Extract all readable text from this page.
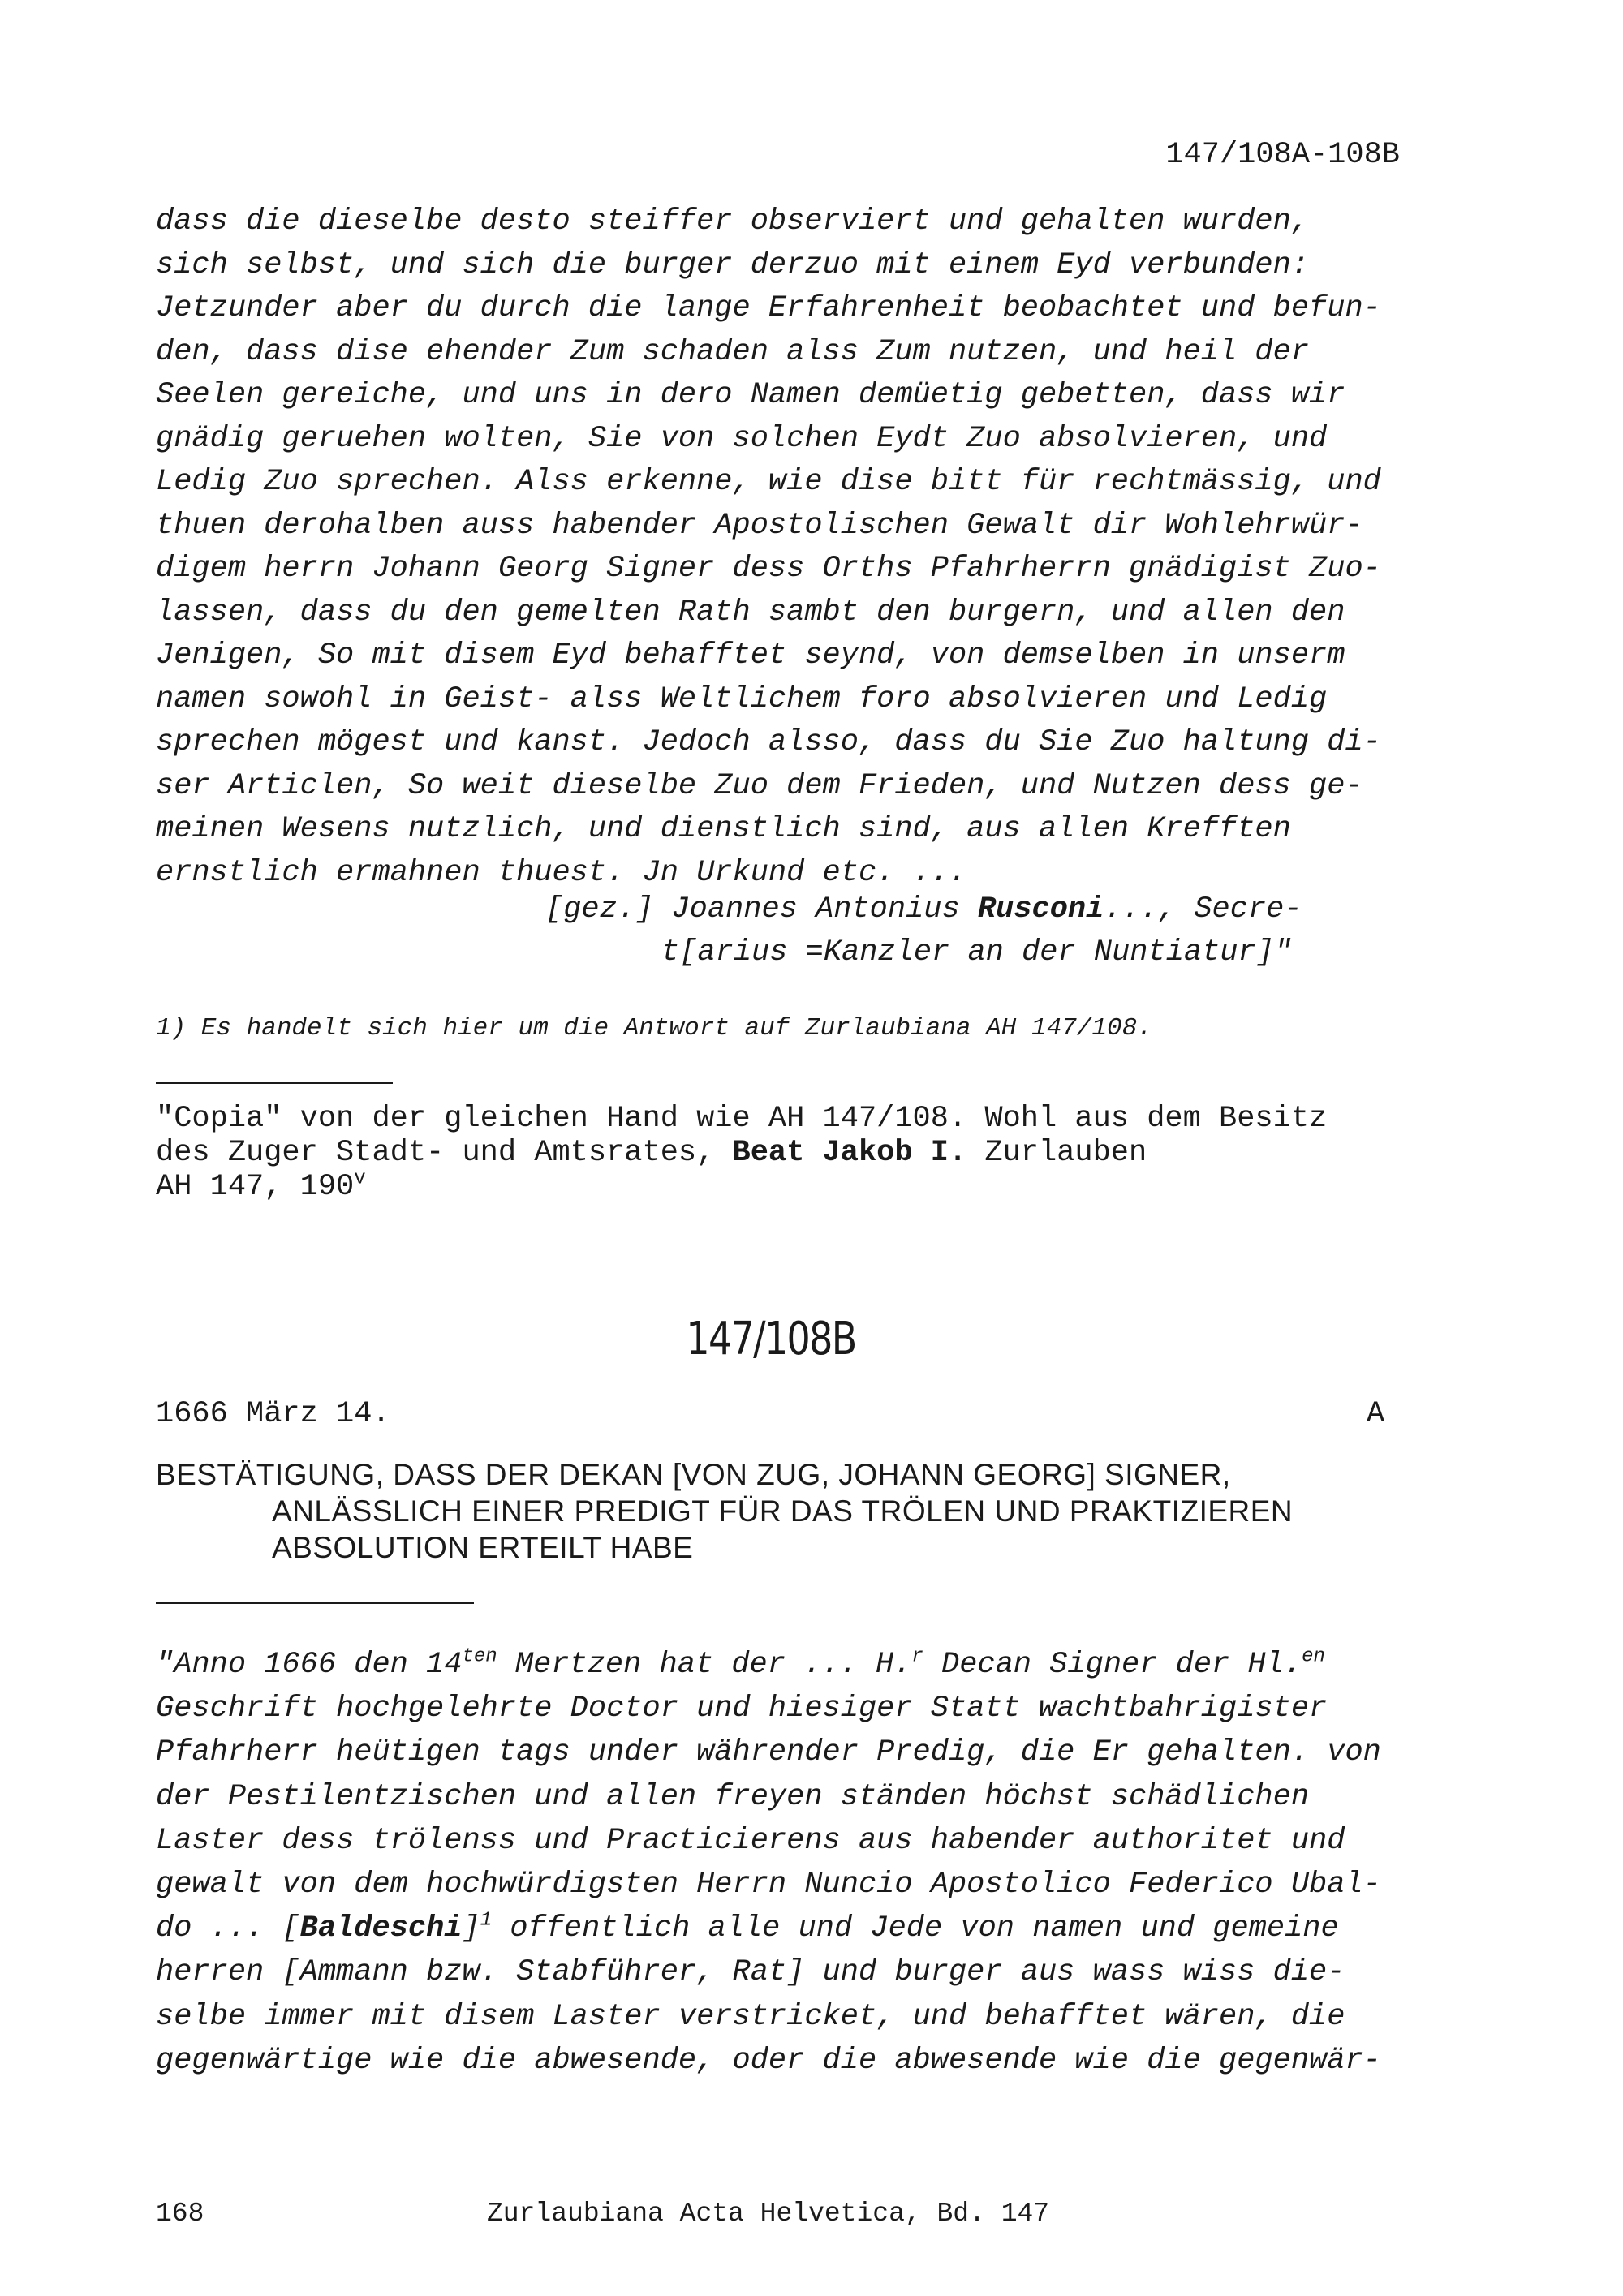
147/108A-108B
dass die dieselbe desto steiffer observiert und gehalten wurden,
sich selbst, und sich die burger derzuo mit einem Eyd verbunden:
Jetzunder aber du durch die lange Erfahrenheit beobachtet und befun-
den, dass dise ehender Zum schaden alss Zum nutzen, und heil der
Seelen gereiche, und uns in dero Namen demüetig gebetten, dass wir
gnädig geruehen wolten, Sie von solchen Eydt Zuo absolvieren, und
Ledig Zuo sprechen. Alss erkenne, wie dise bitt für rechtmässig, und
thuen derohalben auss habender Apostolischen Gewalt dir Wohlehrwür-
digem herrn Johann Georg Signer dess Orths Pfahrherrn gnädigist Zuo-
lassen, dass du den gemelten Rath sambt den burgern, und allen den
Jenigen, So mit disem Eyd behafftet seynd, von demselben in unserm
namen sowohl in Geist- alss Weltlichem foro absolvieren und Ledig
sprechen mögest und kanst. Jedoch alsso, dass du Sie Zuo haltung di-
ser Articlen, So weit dieselbe Zuo dem Frieden, und Nutzen dess ge-
meinen Wesens nutzlich, und dienstlich sind, aus allen Krefften
ernstlich ermahnen thuest. Jn Urkund etc. ...
[gez.] Joannes Antonius Rusconi..., Secre-
t[arius =Kanzler an der Nuntiatur]"
1) Es handelt sich hier um die Antwort auf Zurlaubiana AH 147/108.
"Copia" von der gleichen Hand wie AH 147/108. Wohl aus dem Besitz
des Zuger Stadt- und Amtsrates, Beat Jakob I. Zurlauben
AH 147, 190$^v$
147/108B
1666 März 14.	A
BESTÄTIGUNG, DASS DER DEKAN [VON ZUG, JOHANN GEORG] SIGNER,
ANLÄSSLICH EINER PREDIGT FÜR DAS TRÖLEN UND PRAKTIZIEREN
ABSOLUTION ERTEILT HABE
"Anno 1666 den $14^{ten}$ Mertzen hat der ... H.$^r$ Decan Signer der Hl.$^{en}$
Geschrift hochgelehrte Doctor und hiesiger Statt wachtbahrigister
Pfahrherr heütigen tags under währender Predig, die Er gehalten. von
der Pestilentzischen und allen freyen ständen höchst schädlichen
Laster dess trölenss und Practicierens aus habender authoritet und
gewalt von dem hochwürdigsten Herrn Nuncio Apostolico Federico Ubal-
do ... [Baldeschi]$^1$ offentlich alle und Jede von namen und gemeine
herren [Ammann bzw. Stabführer, Rat] und burger aus wass wiss die-
selbe immer mit disem Laster verstricket, und behafftet wären, die
gegenwärtige wie die abwesende, oder die abwesende wie die gegenwär-
168	Zurlaubiana Acta Helvetica, Bd. 147
